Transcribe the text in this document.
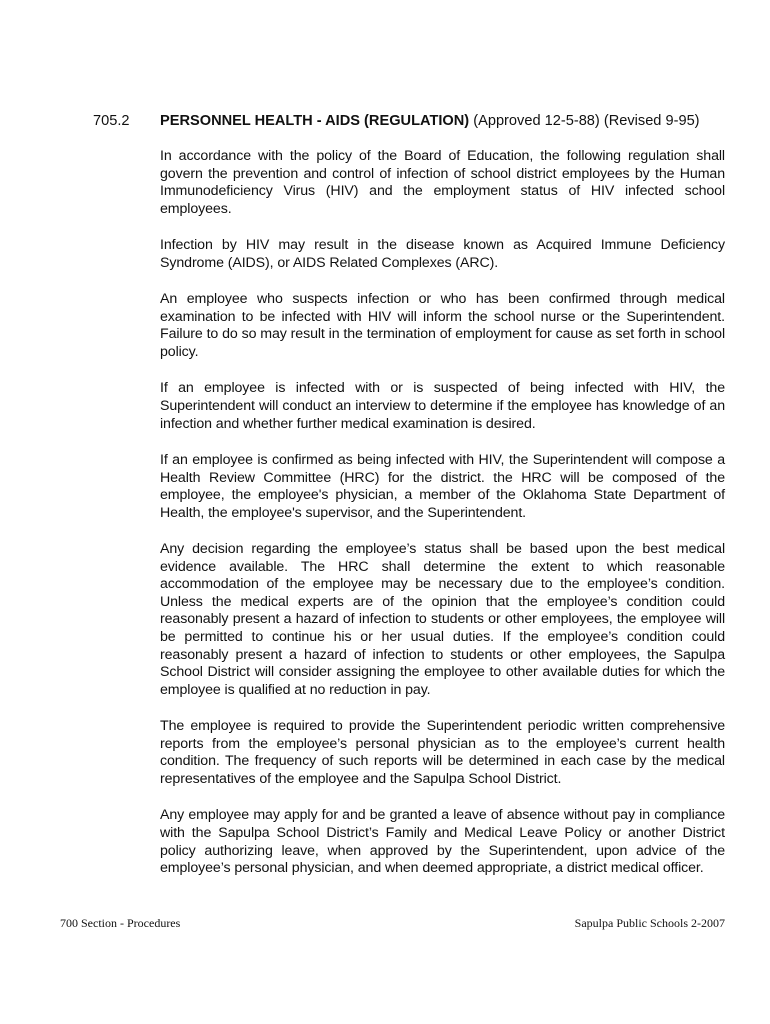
705.2 PERSONNEL HEALTH - AIDS (REGULATION) (Approved 12-5-88) (Revised 9-95)

In accordance with the policy of the Board of Education, the following regulation shall govern the prevention and control of infection of school district employees by the Human Immunodeficiency Virus (HIV) and the employment status of HIV infected school employees.

Infection by HIV may result in the disease known as Acquired Immune Deficiency Syndrome (AIDS), or AIDS Related Complexes (ARC).

An employee who suspects infection or who has been confirmed through medical examination to be infected with HIV will inform the school nurse or the Superintendent. Failure to do so may result in the termination of employment for cause as set forth in school policy.

If an employee is infected with or is suspected of being infected with HIV, the Superintendent will conduct an interview to determine if the employee has knowledge of an infection and whether further medical examination is desired.

If an employee is confirmed as being infected with HIV, the Superintendent will compose a Health Review Committee (HRC) for the district. the HRC will be composed of the employee, the employee's physician, a member of the Oklahoma State Department of Health, the employee's supervisor, and the Superintendent.

Any decision regarding the employee’s status shall be based upon the best medical evidence available. The HRC shall determine the extent to which reasonable accommodation of the employee may be necessary due to the employee’s condition. Unless the medical experts are of the opinion that the employee’s condition could reasonably present a hazard of infection to students or other employees, the employee will be permitted to continue his or her usual duties. If the employee’s condition could reasonably present a hazard of infection to students or other employees, the Sapulpa School District will consider assigning the employee to other available duties for which the employee is qualified at no reduction in pay.

The employee is required to provide the Superintendent periodic written comprehensive reports from the employee’s personal physician as to the employee’s current health condition. The frequency of such reports will be determined in each case by the medical representatives of the employee and the Sapulpa School District.

Any employee may apply for and be granted a leave of absence without pay in compliance with the Sapulpa School District’s Family and Medical Leave Policy or another District policy authorizing leave, when approved by the Superintendent, upon advice of the employee’s personal physician, and when deemed appropriate, a district medical officer.

700 Section - Procedures	Sapulpa Public Schools 2-2007
